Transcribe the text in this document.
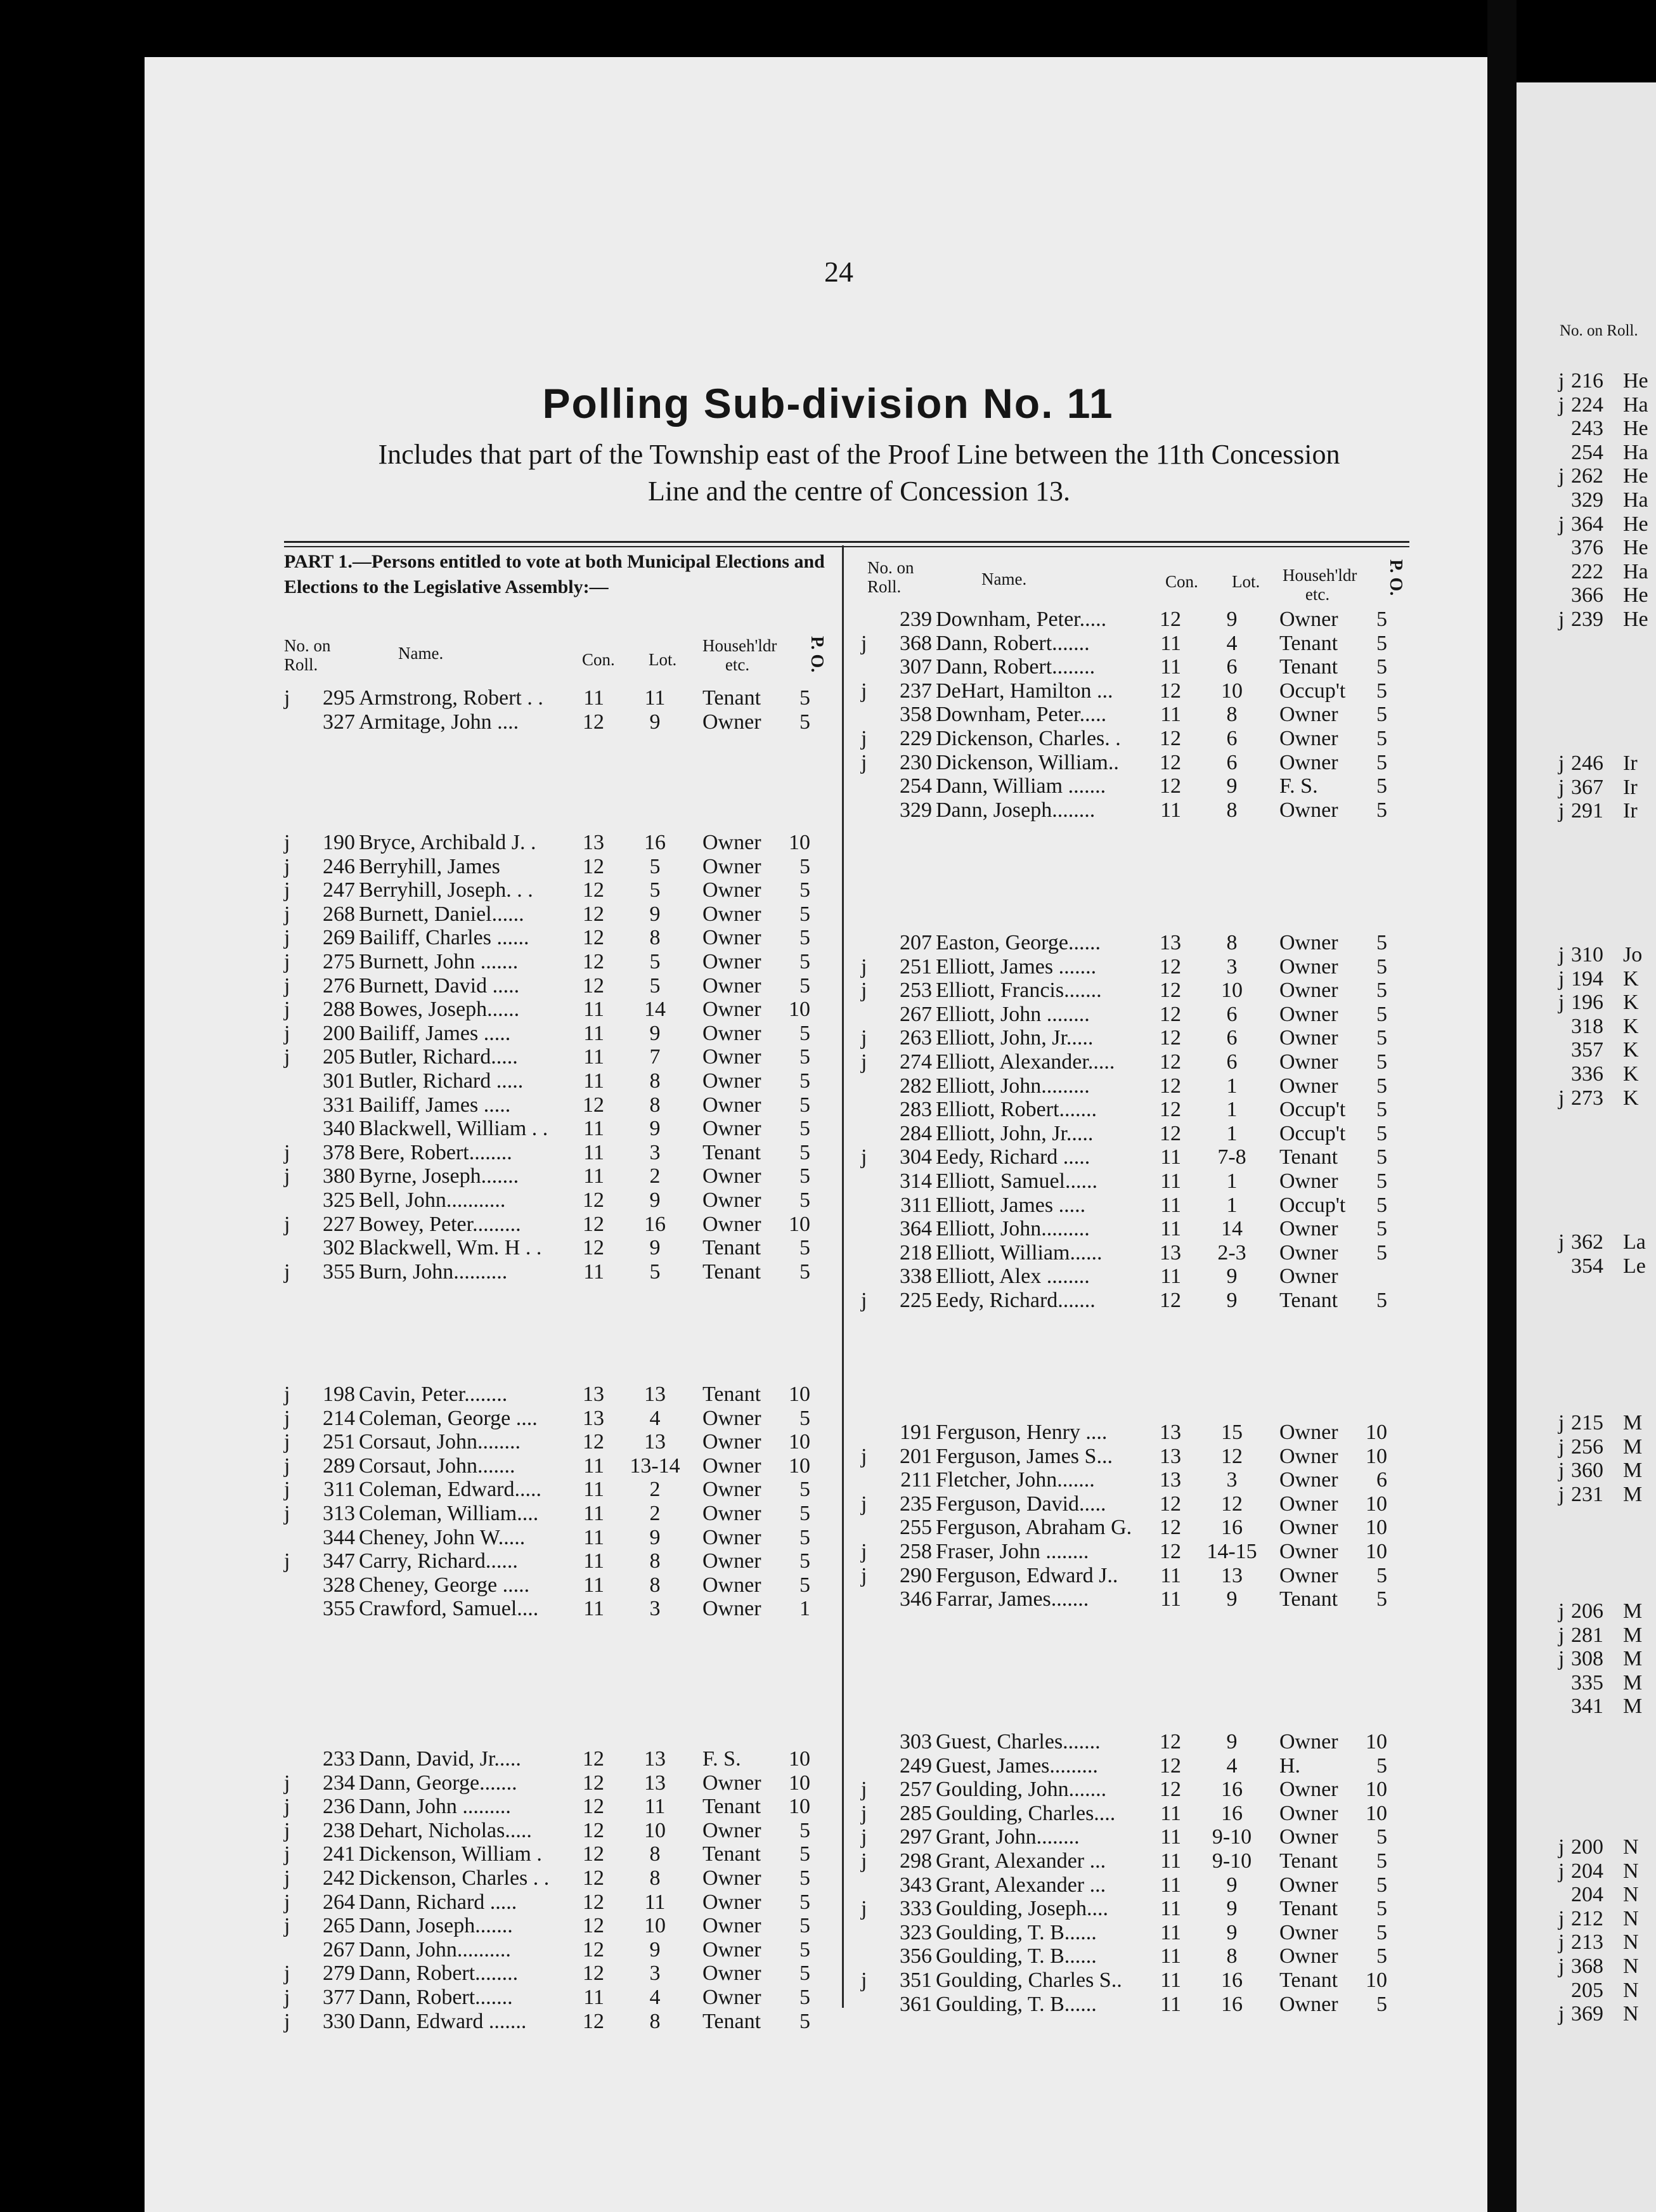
24
Polling Sub-division No. 11
Includes that part of the Township east of the Proof Line between the 11th Concession
Line and the centre of Concession 13.
PART 1.—Persons entitled to vote at both Municipal Elections and Elections to the Legislative Assembly:—
No. on Roll.
Name.	Con. Lot.
Househ'ldr etc.	P. O.
No. on Roll.	Name.	Con. Lot. Househ'ldr etc.	P. O.
No. on Roll.
j	295 Armstrong, Robert . .	11	11	Tenant	5
327 Armitage, John ....	12	9	Owner	5
j	190 Bryce, Archibald J. .	13	16	Owner 10
j	246 Berryhill, James	12	5	Owner	5
j	247 Berryhill, Joseph. . .	12	5	Owner	5
j	268 Burnett, Daniel......	12	9	Owner	5
j	269 Bailiff, Charles ......	12	8	Owner	5
j	275 Burnett, John .......	12	5	Owner	5
j	276 Burnett, David .....	12	5	Owner	5
j	288 Bowes, Joseph......	11	14	Owner 10
j	200 Bailiff, James .....	11	9	Owner	5
j	205 Butler, Richard.....	11	7	Owner	5
301 Butler, Richard .....	11	8	Owner	5
331 Bailiff, James .....	12	8	Owner	5
340 Blackwell, William . .	11	9	Owner	5
j	378 Bere, Robert........	11	3	Tenant	5
j	380 Byrne, Joseph.......	11	2	Owner	5
325 Bell, John...........	12	9	Owner	5
j	227 Bowey, Peter.........	12	16	Owner 10
302 Blackwell, Wm. H . .	12	9	Tenant	5
j	355 Burn, John..........	11	5	Tenant	5
j	198 Cavin, Peter........	13	13	Tenant 10
j	214 Coleman, George ....	13	4	Owner	5
j	251 Corsaut, John........	12	13	Owner 10
j	289 Corsaut, John.......	11	13-14	Owner 10
j	311 Coleman, Edward.....	11	2	Owner	5
j	313 Coleman, William....	11	2	Owner	5
344 Cheney, John W.....	11	9	Owner	5
j	347 Carry, Richard......	11	8	Owner	5
328 Cheney, George .....	11	8	Owner	5
355 Crawford, Samuel....	11	3	Owner	1
233 Dann, David, Jr.....	12	13	F. S. 10
j	234 Dann, George.......	12	13	Owner 10
j	236 Dann, John .........	12	11	Tenant 10
j	238 Dehart, Nicholas.....	12	10	Owner	5
j	241 Dickenson, William .	12	8	Tenant	5
j	242 Dickenson, Charles . .	12	8	Owner	5
j	264 Dann, Richard .....	12	11	Owner	5
j	265 Dann, Joseph.......	12	10	Owner	5
267 Dann, John..........	12	9	Owner	5
j	279 Dann, Robert........	12	3	Owner	5
j	377 Dann, Robert.......	11	4	Owner	5
j	330 Dann, Edward .......	12	8	Tenant	5
239 Downham, Peter.....	12	9	Owner	5
j	368 Dann, Robert.......	11	4	Tenant	5
307 Dann, Robert........	11	6	Tenant	5
j	237 DeHart, Hamilton ...	12	10	Occup't	5
358 Downham, Peter.....	11	8	Owner	5
j	229 Dickenson, Charles. .	12	6	Owner	5
j	230 Dickenson, William..	12	6	Owner	5
254 Dann, William .......	12	9	F. S.	5
329 Dann, Joseph........	11	8	Owner	5
207 Easton, George......	13	8	Owner	5
j	251 Elliott, James .......	12	3	Owner	5
j	253 Elliott, Francis.......	12	10	Owner	5
267 Elliott, John ........	12	6	Owner	5
j	263 Elliott, John, Jr.....	12	6	Owner	5
j	274 Elliott, Alexander.....	12	6	Owner	5
282 Elliott, John.........	12	1	Owner	5
283 Elliott, Robert.......	12	1	Occup't	5
284 Elliott, John, Jr.....	12	1	Occup't	5
j	304 Eedy, Richard .....	11	7-8	Tenant	5
314 Elliott, Samuel......	11	1	Owner	5
311 Elliott, James .....	11	1	Occup't	5
364 Elliott, John.........	11	14	Owner	5
218 Elliott, William......	13	2-3	Owner	5
338 Elliott, Alex ........	11	9	Owner
j	225 Eedy, Richard.......	12	9	Tenant	5
191 Ferguson, Henry ....	13	15	Owner 10
j	201 Ferguson, James S...	13	12	Owner 10
211 Fletcher, John.......	13	3	Owner	6
j	235 Ferguson, David.....	12	12	Owner 10
255 Ferguson, Abraham G.	12	16	Owner 10
j	258 Fraser, John ........	12	14-15	Owner 10
j	290 Ferguson, Edward J..	11	13	Owner	5
346 Farrar, James.......	11	9	Tenant	5
303 Guest, Charles.......	12	9	Owner 10
249 Guest, James.........	12	4	H.	5
j	257 Goulding, John.......	12	16	Owner 10
j	285 Goulding, Charles....	11	16	Owner 10
j	297 Grant, John........	11	9-10	Owner	5
j	298 Grant, Alexander ...	11	9-10	Tenant	5
343 Grant, Alexander ...	11	9	Owner	5
j	333 Goulding, Joseph....	11	9	Tenant	5
323 Goulding, T. B......	11	9	Owner	5
356 Goulding, T. B......	11	8	Owner	5
j	351 Goulding, Charles S..	11	16	Tenant 10
361 Goulding, T. B......	11	16	Owner	5
j 216 He
j 224 Ha
243 He
254 Ha
j 262 He
329 Ha
j 364 He
376 He
222 Ha
366 He
j 239 He
j 246 Ir
j 367 Ir
j 291 Ir
j 310 Jo
j 194 K
j 196 K
318 K
357 K
336 K
j 273 K
j 362 La
354 Le
j 215 M
j 256 M
j 360 M
j 231 M
j 206 M
j 281 M
j 308 M
335 M
341 M
j 200 N
j 204 N
204 N
j 212 N
j 213 N
j 368 N
205 N
j 369 N
